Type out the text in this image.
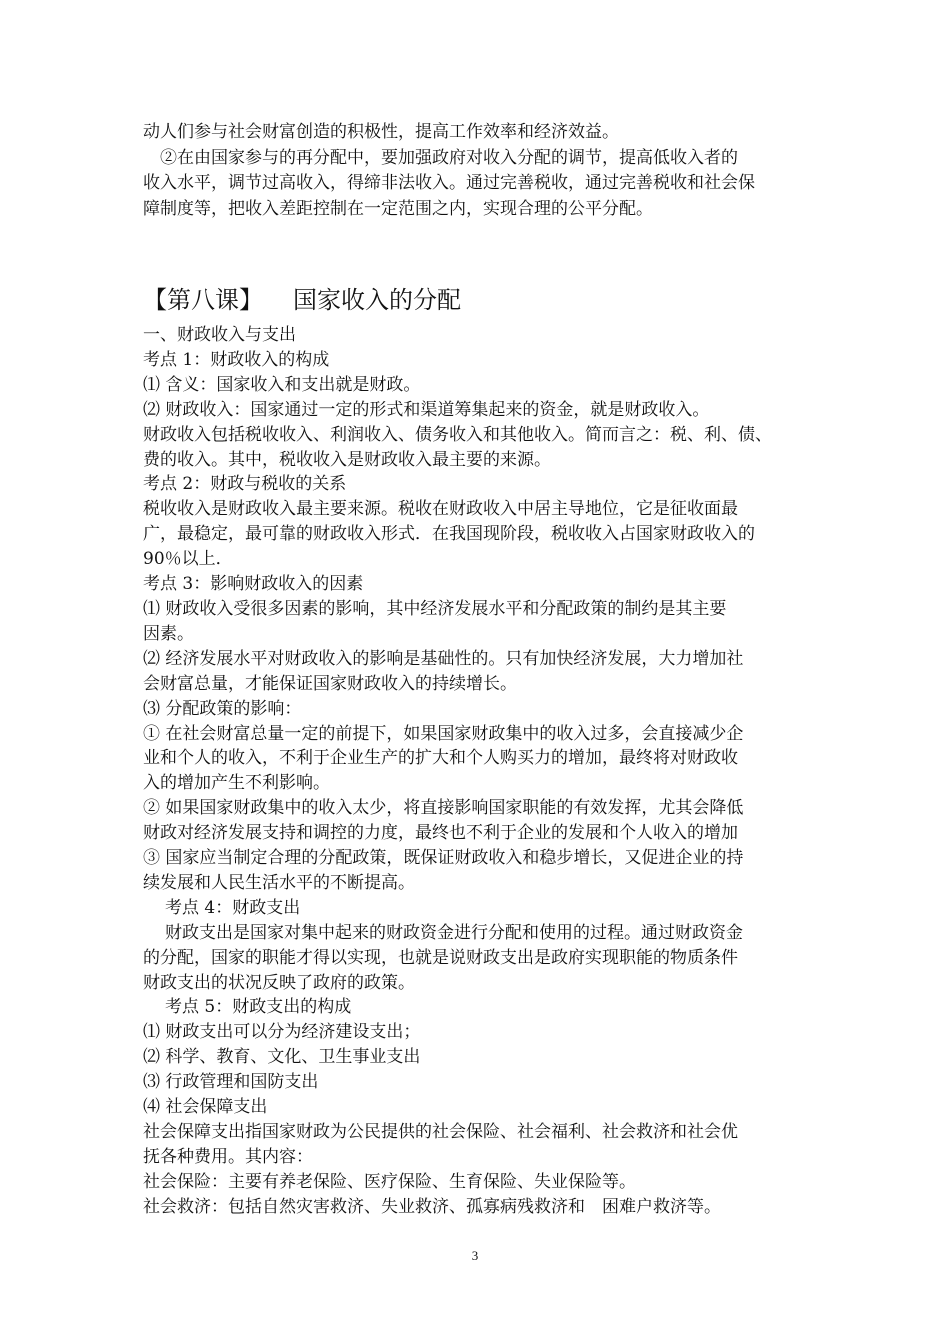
动人们参与社会财富创造的积极性，提高工作效率和经济效益。
②在由国家参与的再分配中，要加强政府对收入分配的调节，提高低收入者的
收入水平，调节过高收入，得缔非法收入。通过完善税收，通过完善税收和社会保
障制度等，把收入差距控制在一定范围之内，实现合理的公平分配。
【第八课】 国家收入的分配
一、财政收入与支出
考点 1：财政收入的构成
⑴ 含义：国家收入和支出就是财政。
⑵ 财政收入：国家通过一定的形式和渠道筹集起来的资金，就是财政收入。
财政收入包括税收收入、利润收入、债务收入和其他收入。简而言之：税、利、债、
费的收入。其中，税收收入是财政收入最主要的来源。
考点 2：财政与税收的关系
税收收入是财政收入最主要来源。税收在财政收入中居主导地位，它是征收面最
广，最稳定，最可靠的财政收入形式．在我国现阶段，税收收入占国家财政收入的
90％以上．
考点 3：影响财政收入的因素
⑴ 财政收入受很多因素的影响，其中经济发展水平和分配政策的制约是其主要
因素。
⑵ 经济发展水平对财政收入的影响是基础性的。只有加快经济发展，大力增加社
会财富总量，才能保证国家财政收入的持续增长。
⑶ 分配政策的影响：
① 在社会财富总量一定的前提下，如果国家财政集中的收入过多，会直接减少企
业和个人的收入，不利于企业生产的扩大和个人购买力的增加，最终将对财政收
入的增加产生不利影响。
② 如果国家财政集中的收入太少，将直接影响国家职能的有效发挥，尤其会降低
财政对经济发展支持和调控的力度，最终也不利于企业的发展和个人收入的增加
③ 国家应当制定合理的分配政策，既保证财政收入和稳步增长，又促进企业的持
续发展和人民生活水平的不断提高。
考点 4：财政支出
财政支出是国家对集中起来的财政资金进行分配和使用的过程。通过财政资金
的分配，国家的职能才得以实现，也就是说财政支出是政府实现职能的物质条件
财政支出的状况反映了政府的政策。
考点 5：财政支出的构成
⑴ 财政支出可以分为经济建设支出；
⑵ 科学、教育、文化、卫生事业支出
⑶ 行政管理和国防支出
⑷ 社会保障支出
社会保障支出指国家财政为公民提供的社会保险、社会福利、社会救济和社会优
抚各种费用。其内容：
社会保险：主要有养老保险、医疗保险、生育保险、失业保险等。
社会救济：包括自然灾害救济、失业救济、孤寡病残救济和　困难户救济等。
3
